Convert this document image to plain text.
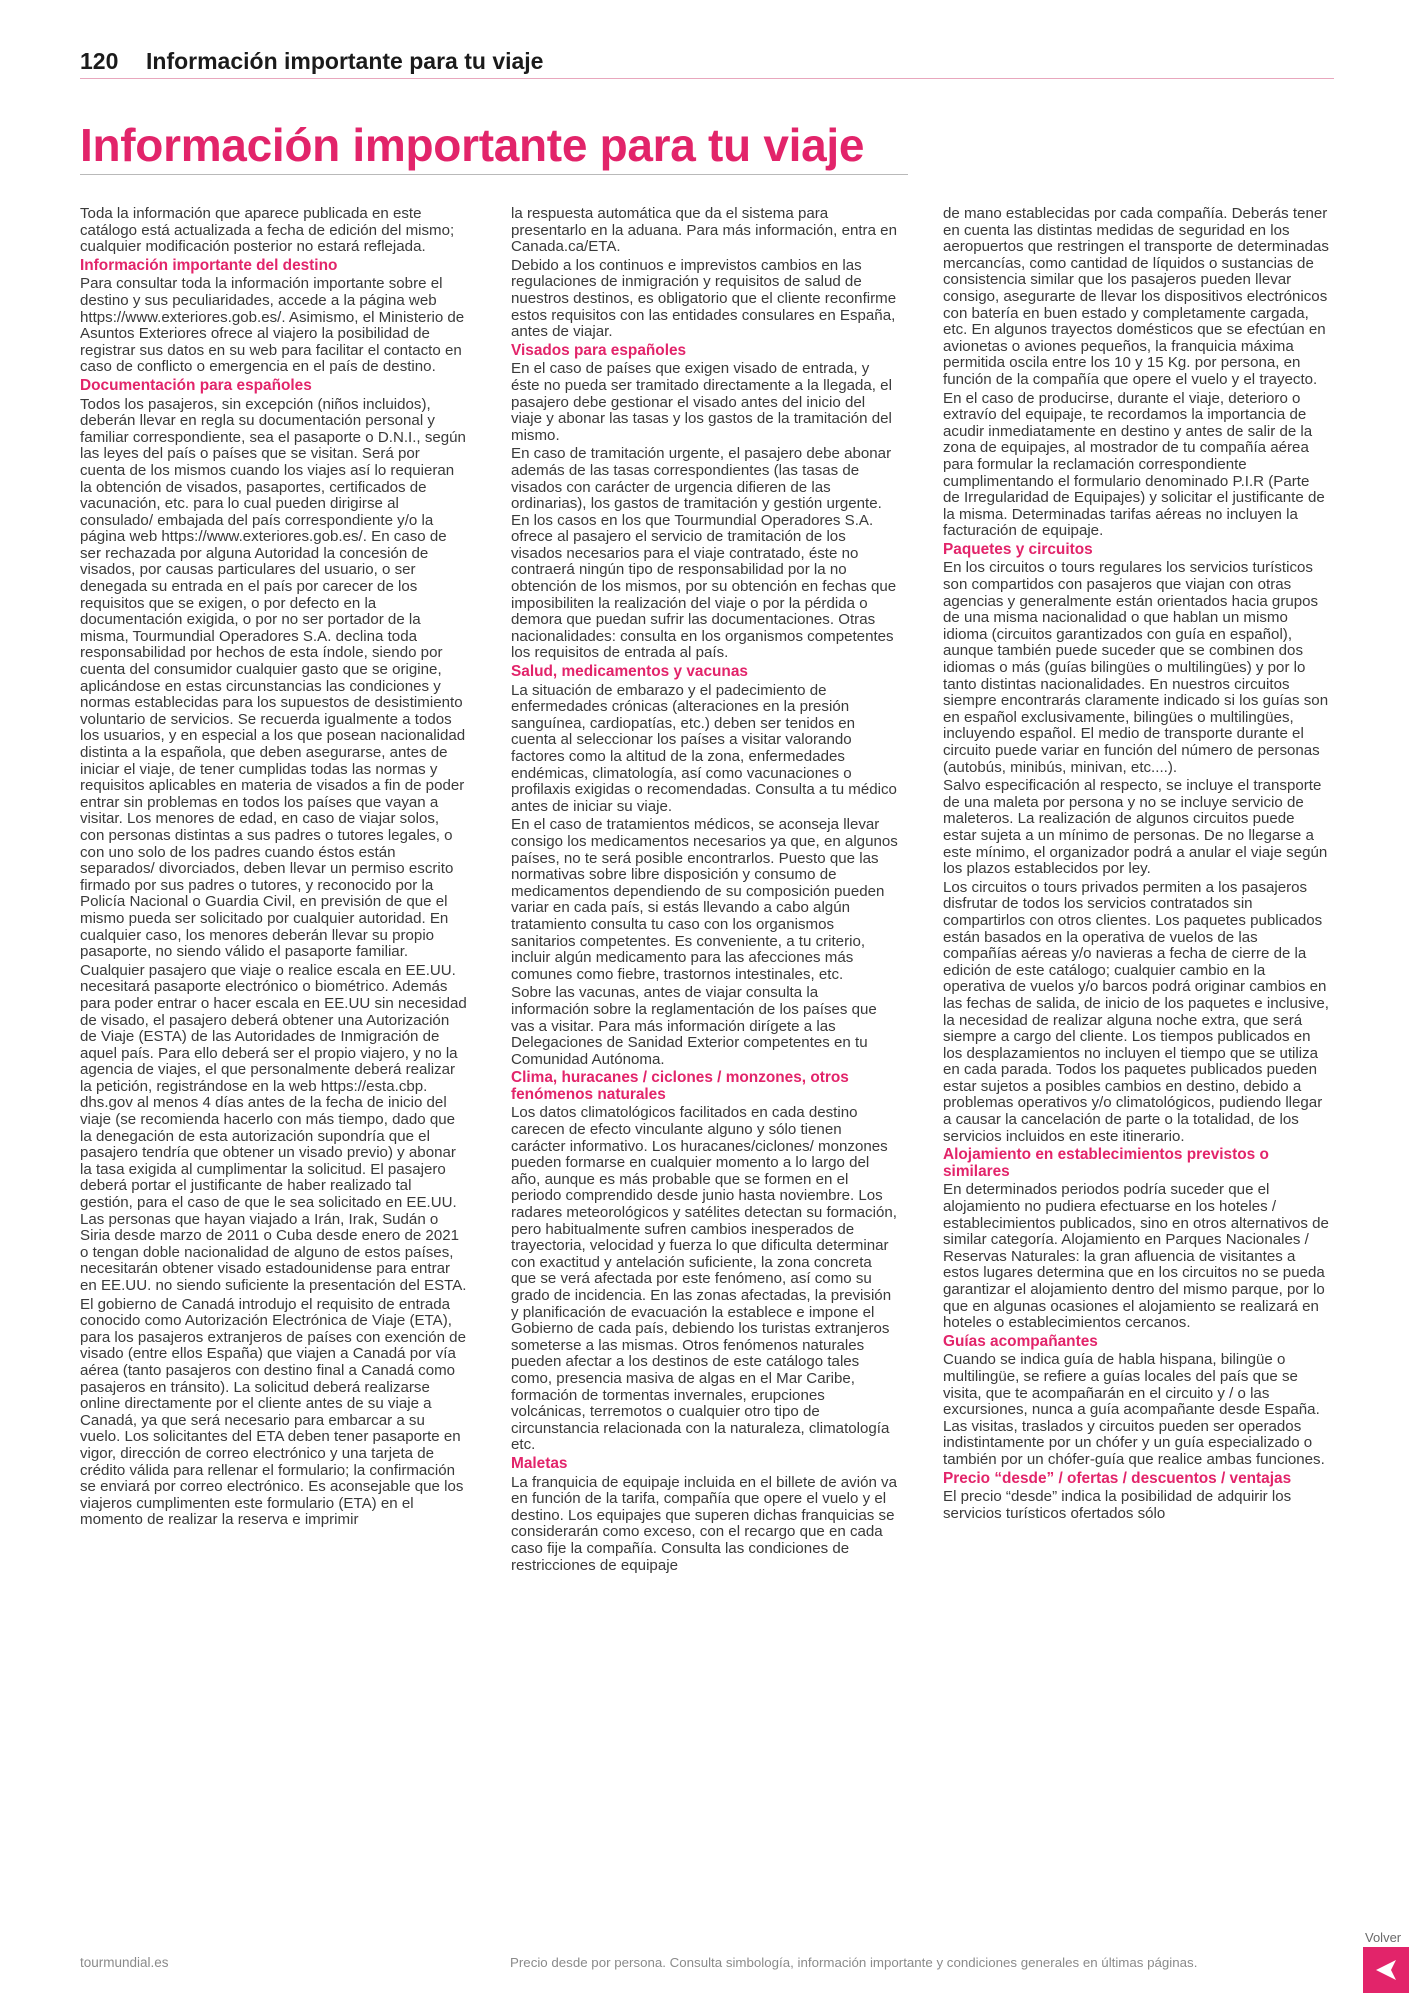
120 Información importante para tu viaje
Información importante para tu viaje

Toda la información que aparece publicada en este catálogo está actualizada a fecha de edición del mismo; cualquier modificación posterior no estará reflejada.

Información importante del destino

Para consultar toda la información importante sobre el destino y sus peculiaridades, accede a la página web https://www.exteriores.gob.es/. Asimismo, el Ministerio de Asuntos Exteriores ofrece al viajero la posibilidad de registrar sus datos en su web para facilitar el contacto en caso de conflicto o emergencia en el país de destino.

Documentación para españoles

Todos los pasajeros, sin excepción (niños incluidos), deberán llevar en regla su documentación personal y familiar correspondiente, sea el pasaporte o D.N.I., según las leyes del país o países que se visitan. Será por cuenta de los mismos cuando los viajes así lo requieran la obtención de visados, pasaportes, certificados de vacunación, etc. para lo cual pueden dirigirse al consulado/ embajada del país correspondiente y/o la página web https://www.exteriores.gob.es/. En caso de ser rechazada por alguna Autoridad la concesión de visados, por causas particulares del usuario, o ser denegada su entrada en el país por carecer de los requisitos que se exigen, o por defecto en la documentación exigida, o por no ser portador de la misma, Tourmundial Operadores S.A. declina toda responsabilidad por hechos de esta índole, siendo por cuenta del consumidor cualquier gasto que se origine, aplicándose en estas circunstancias las condiciones y normas establecidas para los supuestos de desistimiento voluntario de servicios. Se recuerda igualmente a todos los usuarios, y en especial a los que posean nacionalidad distinta a la española, que deben asegurarse, antes de iniciar el viaje, de tener cumplidas todas las normas y requisitos aplicables en materia de visados a fin de poder entrar sin problemas en todos los países que vayan a visitar. Los menores de edad, en caso de viajar solos, con personas distintas a sus padres o tutores legales, o con uno solo de los padres cuando éstos están separados/ divorciados, deben llevar un permiso escrito firmado por sus padres o tutores, y reconocido por la Policía Nacional o Guardia Civil, en previsión de que el mismo pueda ser solicitado por cualquier autoridad. En cualquier caso, los menores deberán llevar su propio pasaporte, no siendo válido el pasaporte familiar.

Cualquier pasajero que viaje o realice escala en EE.UU. necesitará pasaporte electrónico o biométrico. Además para poder entrar o hacer escala en EE.UU sin necesidad de visado, el pasajero deberá obtener una Autorización de Viaje (ESTA) de las Autoridades de Inmigración de aquel país. Para ello deberá ser el propio viajero, y no la agencia de viajes, el que personalmente deberá realizar la petición, registrándose en la web https://esta.cbp. dhs.gov al menos 4 días antes de la fecha de inicio del viaje (se recomienda hacerlo con más tiempo, dado que la denegación de esta autorización supondría que el pasajero tendría que obtener un visado previo) y abonar la tasa exigida al cumplimentar la solicitud. El pasajero deberá portar el justificante de haber realizado tal gestión, para el caso de que le sea solicitado en EE.UU. Las personas que hayan viajado a Irán, Irak, Sudán o Siria desde marzo de 2011 o Cuba desde enero de 2021 o tengan doble nacionalidad de alguno de estos países, necesitarán obtener visado estadounidense para entrar en EE.UU. no siendo suficiente la presentación del ESTA.

El gobierno de Canadá introdujo el requisito de entrada conocido como Autorización Electrónica de Viaje (ETA), para los pasajeros extranjeros de países con exención de visado (entre ellos España) que viajen a Canadá por vía aérea (tanto pasajeros con destino final a Canadá como pasajeros en tránsito). La solicitud deberá realizarse online directamente por el cliente antes de su viaje a Canadá, ya que será necesario para embarcar a su vuelo. Los solicitantes del ETA deben tener pasaporte en vigor, dirección de correo electrónico y una tarjeta de crédito válida para rellenar el formulario; la confirmación se enviará por correo electrónico. Es aconsejable que los viajeros cumplimenten este formulario (ETA) en el momento de realizar la reserva e imprimir

la respuesta automática que da el sistema para presentarlo en la aduana. Para más información, entra en Canada.ca/ETA.

Debido a los continuos e imprevistos cambios en las regulaciones de inmigración y requisitos de salud de nuestros destinos, es obligatorio que el cliente reconfirme estos requisitos con las entidades consulares en España, antes de viajar.

Visados para españoles

En el caso de países que exigen visado de entrada, y éste no pueda ser tramitado directamente a la llegada, el pasajero debe gestionar el visado antes del inicio del viaje y abonar las tasas y los gastos de la tramitación del mismo.

En caso de tramitación urgente, el pasajero debe abonar además de las tasas correspondientes (las tasas de visados con carácter de urgencia difieren de las ordinarias), los gastos de tramitación y gestión urgente. En los casos en los que Tourmundial Operadores S.A. ofrece al pasajero el servicio de tramitación de los visados necesarios para el viaje contratado, éste no contraerá ningún tipo de responsabilidad por la no obtención de los mismos, por su obtención en fechas que imposibiliten la realización del viaje o por la pérdida o demora que puedan sufrir las documentaciones. Otras nacionalidades: consulta en los organismos competentes los requisitos de entrada al país.

Salud, medicamentos y vacunas

La situación de embarazo y el padecimiento de enfermedades crónicas (alteraciones en la presión sanguínea, cardiopatías, etc.) deben ser tenidos en cuenta al seleccionar los países a visitar valorando factores como la altitud de la zona, enfermedades endémicas, climatología, así como vacunaciones o profilaxis exigidas o recomendadas. Consulta a tu médico antes de iniciar su viaje.

En el caso de tratamientos médicos, se aconseja llevar consigo los medicamentos necesarios ya que, en algunos países, no te será posible encontrarlos. Puesto que las normativas sobre libre disposición y consumo de medicamentos dependiendo de su composición pueden variar en cada país, si estás llevando a cabo algún tratamiento consulta tu caso con los organismos sanitarios competentes. Es conveniente, a tu criterio, incluir algún medicamento para las afecciones más comunes como fiebre, trastornos intestinales, etc.

Sobre las vacunas, antes de viajar consulta la información sobre la reglamentación de los países que vas a visitar. Para más información dirígete a las Delegaciones de Sanidad Exterior competentes en tu Comunidad Autónoma.

Clima, huracanes / ciclones / monzones, otros fenómenos naturales

Los datos climatológicos facilitados en cada destino carecen de efecto vinculante alguno y sólo tienen carácter informativo. Los huracanes/ciclones/ monzones pueden formarse en cualquier momento a lo largo del año, aunque es más probable que se formen en el periodo comprendido desde junio hasta noviembre. Los radares meteorológicos y satélites detectan su formación, pero habitualmente sufren cambios inesperados de trayectoria, velocidad y fuerza lo que dificulta determinar con exactitud y antelación suficiente, la zona concreta que se verá afectada por este fenómeno, así como su grado de incidencia. En las zonas afectadas, la previsión y planificación de evacuación la establece e impone el Gobierno de cada país, debiendo los turistas extranjeros someterse a las mismas. Otros fenómenos naturales pueden afectar a los destinos de este catálogo tales como, presencia masiva de algas en el Mar Caribe, formación de tormentas invernales, erupciones volcánicas, terremotos o cualquier otro tipo de circunstancia relacionada con la naturaleza, climatología etc.

Maletas

La franquicia de equipaje incluida en el billete de avión va en función de la tarifa, compañía que opere el vuelo y el destino. Los equipajes que superen dichas franquicias se considerarán como exceso, con el recargo que en cada caso fije la compañía. Consulta las condiciones de restricciones de equipaje

de mano establecidas por cada compañía. Deberás tener en cuenta las distintas medidas de seguridad en los aeropuertos que restringen el transporte de determinadas mercancías, como cantidad de líquidos o sustancias de consistencia similar que los pasajeros pueden llevar consigo, asegurarte de llevar los dispositivos electrónicos con batería en buen estado y completamente cargada, etc. En algunos trayectos domésticos que se efectúan en avionetas o aviones pequeños, la franquicia máxima permitida oscila entre los 10 y 15 Kg. por persona, en función de la compañía que opere el vuelo y el trayecto.

En el caso de producirse, durante el viaje, deterioro o extravío del equipaje, te recordamos la importancia de acudir inmediatamente en destino y antes de salir de la zona de equipajes, al mostrador de tu compañía aérea para formular la reclamación correspondiente cumplimentando el formulario denominado P.I.R (Parte de Irregularidad de Equipajes) y solicitar el justificante de la misma. Determinadas tarifas aéreas no incluyen la facturación de equipaje.

Paquetes y circuitos

En los circuitos o tours regulares los servicios turísticos son compartidos con pasajeros que viajan con otras agencias y generalmente están orientados hacia grupos de una misma nacionalidad o que hablan un mismo idioma (circuitos garantizados con guía en español), aunque también puede suceder que se combinen dos idiomas o más (guías bilingües o multilingües) y por lo tanto distintas nacionalidades. En nuestros circuitos siempre encontrarás claramente indicado si los guías son en español exclusivamente, bilingües o multilingües, incluyendo español. El medio de transporte durante el circuito puede variar en función del número de personas (autobús, minibús, minivan, etc....).

Salvo especificación al respecto, se incluye el transporte de una maleta por persona y no se incluye servicio de maleteros. La realización de algunos circuitos puede estar sujeta a un mínimo de personas. De no llegarse a este mínimo, el organizador podrá a anular el viaje según los plazos establecidos por ley.

Los circuitos o tours privados permiten a los pasajeros disfrutar de todos los servicios contratados sin compartirlos con otros clientes. Los paquetes publicados están basados en la operativa de vuelos de las compañías aéreas y/o navieras a fecha de cierre de la edición de este catálogo; cualquier cambio en la operativa de vuelos y/o barcos podrá originar cambios en las fechas de salida, de inicio de los paquetes e inclusive, la necesidad de realizar alguna noche extra, que será siempre a cargo del cliente. Los tiempos publicados en los desplazamientos no incluyen el tiempo que se utiliza en cada parada. Todos los paquetes publicados pueden estar sujetos a posibles cambios en destino, debido a problemas operativos y/o climatológicos, pudiendo llegar a causar la cancelación de parte o la totalidad, de los servicios incluidos en este itinerario.

Alojamiento en establecimientos previstos o similares

En determinados periodos podría suceder que el alojamiento no pudiera efectuarse en los hoteles / establecimientos publicados, sino en otros alternativos de similar categoría. Alojamiento en Parques Nacionales / Reservas Naturales: la gran afluencia de visitantes a estos lugares determina que en los circuitos no se pueda garantizar el alojamiento dentro del mismo parque, por lo que en algunas ocasiones el alojamiento se realizará en hoteles o establecimientos cercanos.

Guías acompañantes

Cuando se indica guía de habla hispana, bilingüe o multilingüe, se refiere a guías locales del país que se visita, que te acompañarán en el circuito y / o las excursiones, nunca a guía acompañante desde España. Las visitas, traslados y circuitos pueden ser operados indistintamente por un chófer y un guía especializado o también por un chófer-guía que realice ambas funciones.

Precio “desde” / ofertas / descuentos / ventajas

El precio “desde” indica la posibilidad de adquirir los servicios turísticos ofertados sólo

tourmundial.es	Precio desde por persona. Consulta simbología, información importante y condiciones generales en últimas páginas.
Volver
